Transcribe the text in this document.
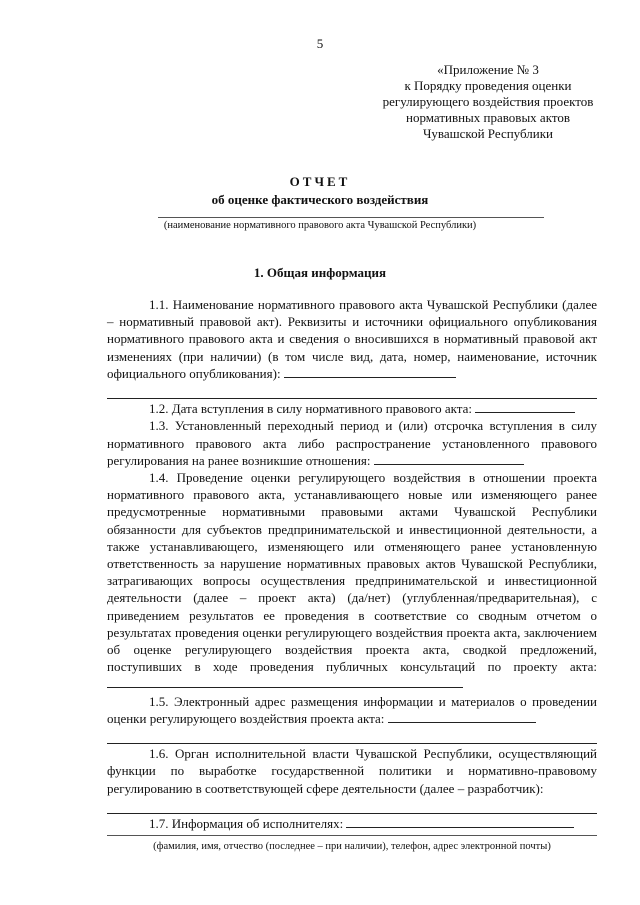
5
«Приложение № 3
к Порядку проведения оценки
регулирующего воздействия проектов
нормативных правовых актов
Чувашской Республики
ОТЧЕТ
об оценке фактического воздействия
(наименование нормативного правового акта Чувашской Республики)
1. Общая информация

1.1. Наименование нормативного правового акта Чувашской Республики (далее – нормативный правовой акт). Реквизиты и источники официального опубликования нормативного правового акта и сведения о вносившихся в нормативный правовой акт изменениях (при наличии) (в том числе вид, дата, номер, наименование, источник официального опубликования):

1.2. Дата вступления в силу нормативного правового акта:

1.3. Установленный переходный период и (или) отсрочка вступления в силу нормативного правового акта либо распространение установленного правового регулирования на ранее возникшие отношения:

1.4. Проведение оценки регулирующего воздействия в отношении проекта нормативного правового акта, устанавливающего новые или изменяющего ранее предусмотренные нормативными правовыми актами Чувашской Республики обязанности для субъектов предпринимательской и инвестиционной деятельности, а также устанавливающего, изменяющего или отменяющего ранее установленную ответственность за нарушение нормативных правовых актов Чувашской Республики, затрагивающих вопросы осуществления предпринимательской и инвестиционной деятельности (далее – проект акта) (да/нет) (углубленная/предварительная), с приведением результатов ее проведения в соответствие со сводным отчетом о результатах проведения оценки регулирующего воздействия проекта акта, заключением об оценке регулирующего воздействия проекта акта, сводкой предложений, поступивших в ходе проведения публичных консультаций по проекту акта:

1.5. Электронный адрес размещения информации и материалов о проведении оценки регулирующего воздействия проекта акта:

1.6. Орган исполнительной власти Чувашской Республики, осуществляющий функции по выработке государственной политики и нормативно-правовому регулированию в соответствующей сфере деятельности (далее – разработчик):

1.7. Информация об исполнителях:

(фамилия, имя, отчество (последнее – при наличии), телефон, адрес электронной почты)
